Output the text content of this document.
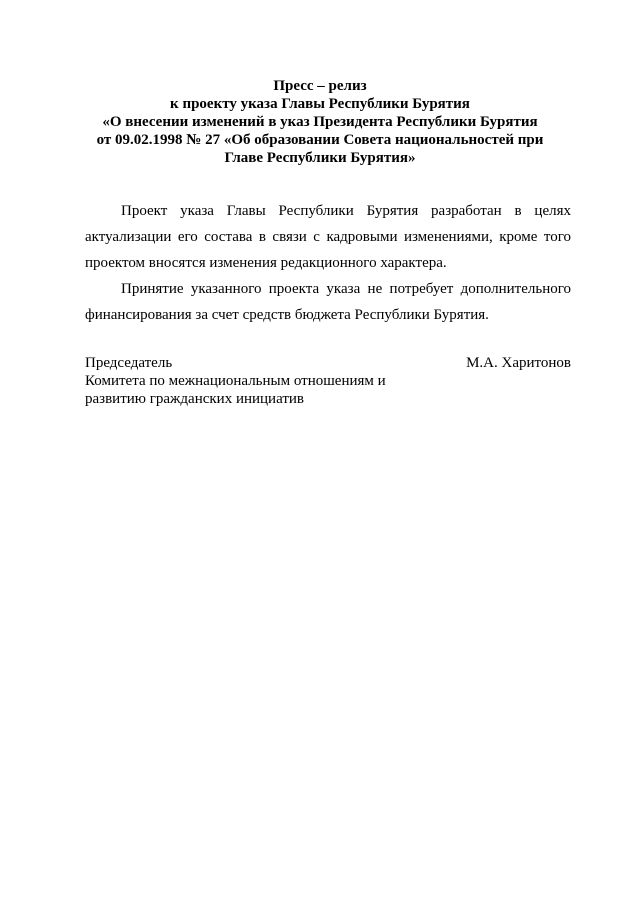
Пресс – релиз
к проекту указа Главы Республики Бурятия
«О внесении изменений в указ Президента Республики Бурятия
от 09.02.1998 № 27 «Об образовании Совета национальностей при
Главе Республики Бурятия»

Проект указа Главы Республики Бурятия разработан в целях актуализации его состава в связи с кадровыми изменениями, кроме того проектом вносятся изменения редакционного характера.

Принятие указанного проекта указа не потребует дополнительного финансирования за счет средств бюджета Республики Бурятия.

Председатель	М.А. Харитонов
Комитета по межнациональным отношениям и
развитию гражданских инициатив
